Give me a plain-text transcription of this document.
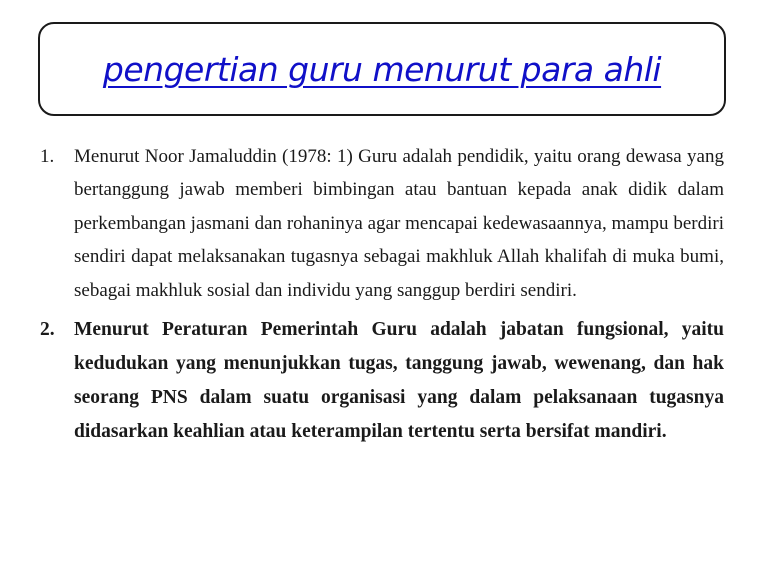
pengertian guru menurut para ahli
1. Menurut Noor Jamaluddin (1978: 1) Guru adalah pendidik, yaitu orang dewasa yang bertanggung jawab memberi bimbingan atau bantuan kepada anak didik dalam perkembangan jasmani dan rohaninya agar mencapai kedewasaannya, mampu berdiri sendiri dapat melaksanakan tugasnya sebagai makhluk Allah khalifah di muka bumi, sebagai makhluk sosial dan individu yang sanggup berdiri sendiri.
2. Menurut Peraturan Pemerintah Guru adalah jabatan fungsional, yaitu kedudukan yang menunjukkan tugas, tanggung jawab, wewenang, dan hak seorang PNS dalam suatu organisasi yang dalam pelaksanaan tugasnya didasarkan keahlian atau keterampilan tertentu serta bersifat mandiri.
